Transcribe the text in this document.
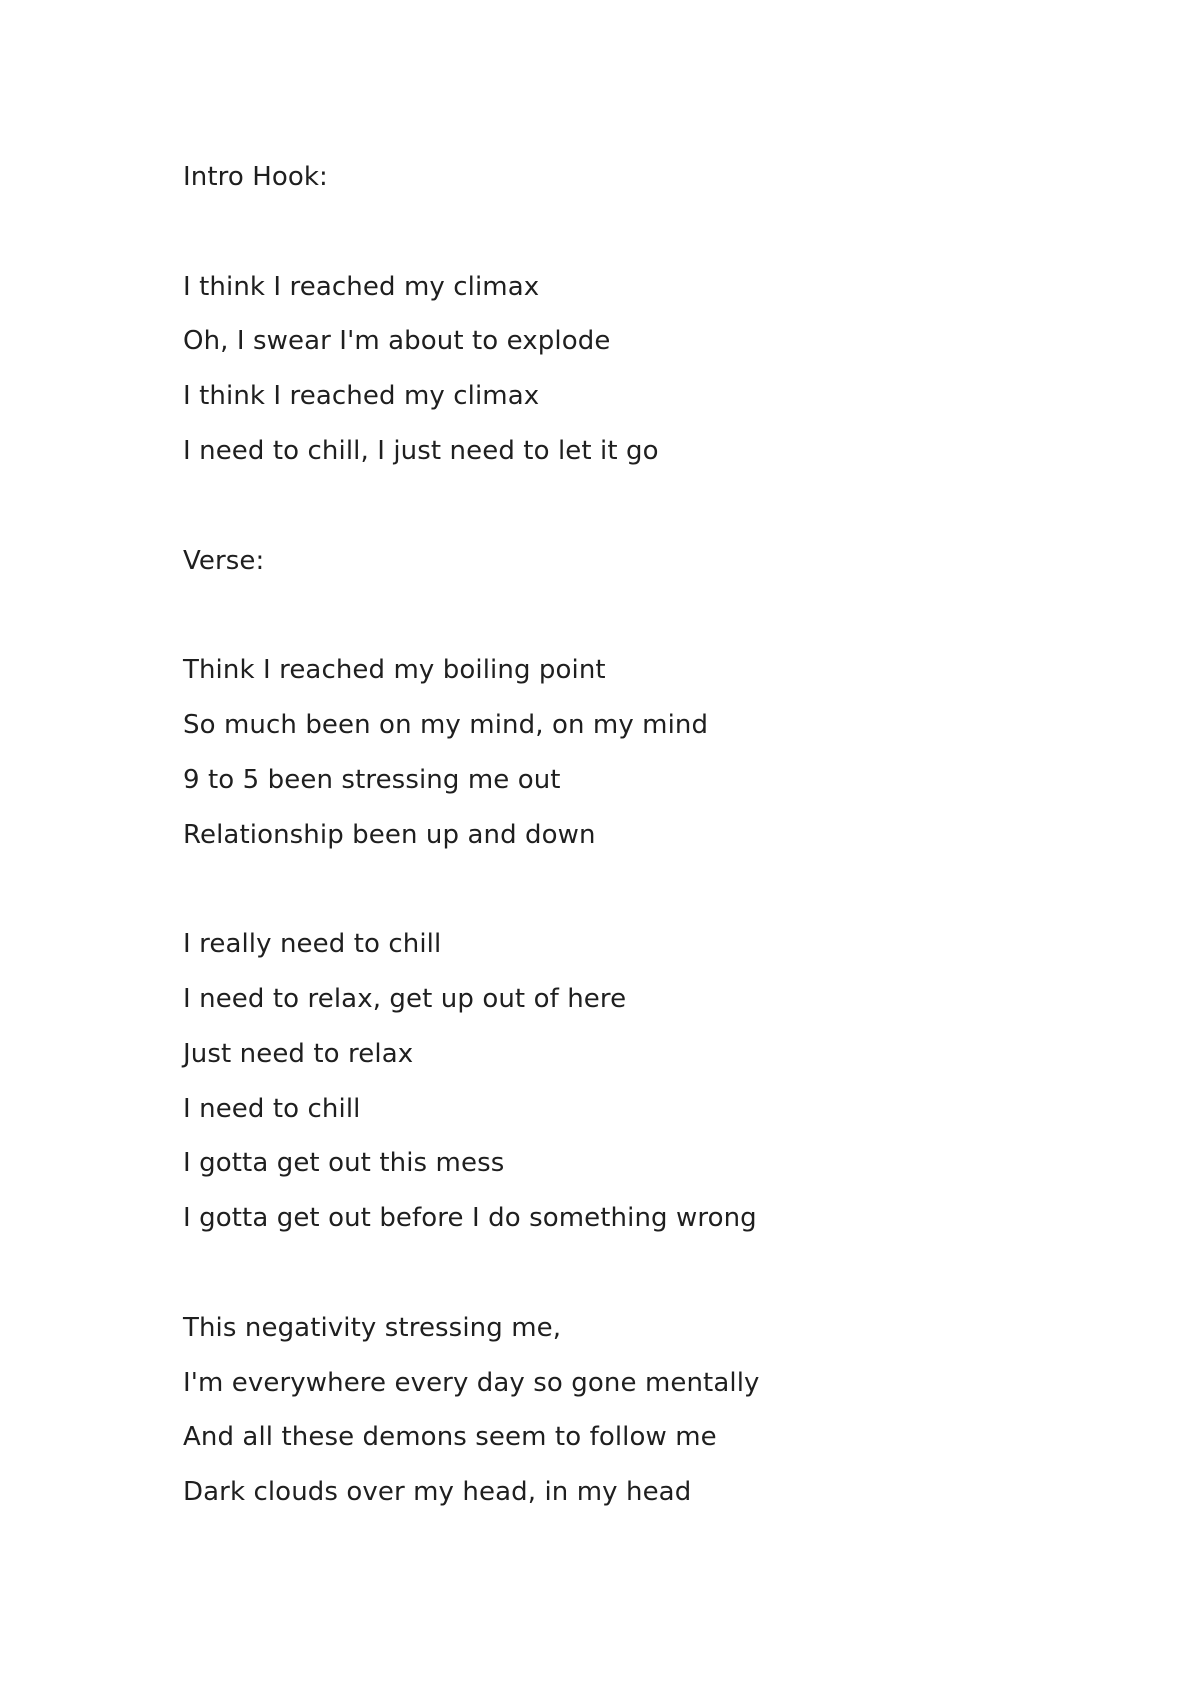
Intro Hook:
I think I reached my climax
Oh, I swear I'm about to explode
I think I reached my climax
I need to chill, I just need to let it go
Verse:
Think I reached my boiling point
So much been on my mind, on my mind
9 to 5 been stressing me out
Relationship been up and down
I really need to chill
I need to relax, get up out of here
Just need to relax
I need to chill
I gotta get out this mess
I gotta get out before I do something wrong
This negativity stressing me,
I'm everywhere every day so gone mentally
And all these demons seem to follow me
Dark clouds over my head, in my head
